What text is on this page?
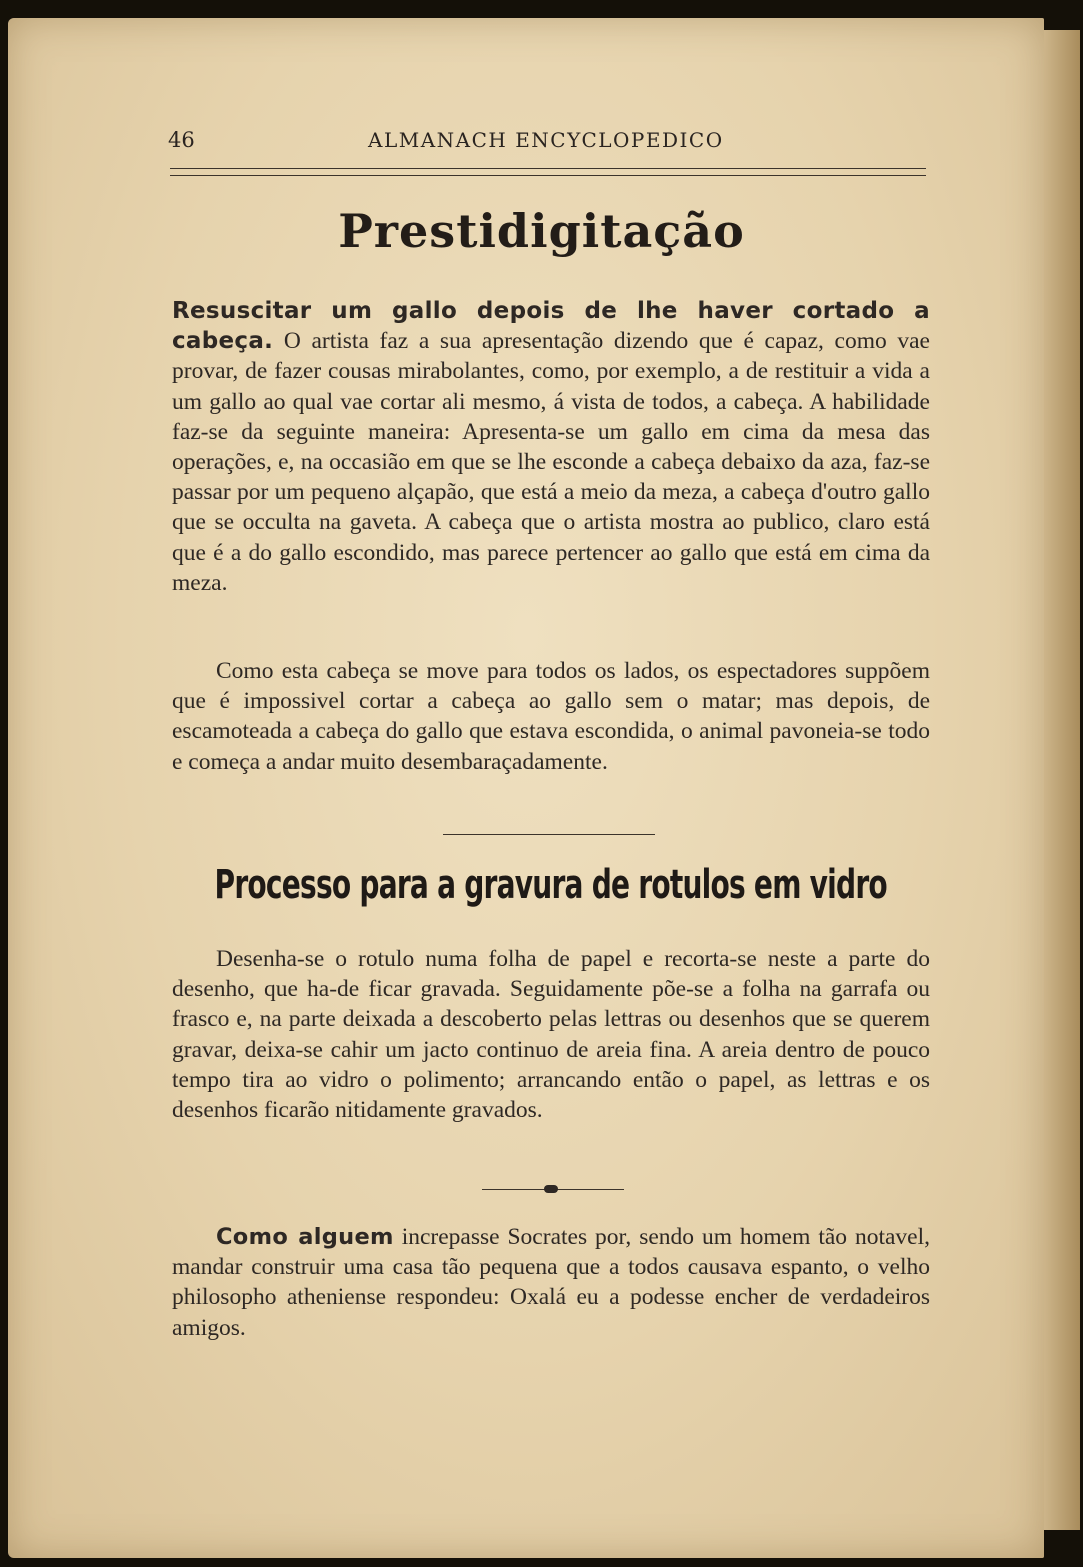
46	ALMANACH ENCYCLOPEDICO
Prestidigitação

Resuscitar um gallo depois de lhe haver cortado a cabeça. O artista faz a sua apresentação dizendo que é capaz, como vae provar, de fazer cousas mirabolantes, como, por exemplo, a de restituir a vida a um gallo ao qual vae cortar ali mesmo, á vista de todos, a cabeça. A habilidade faz-se da seguinte maneira: Apresenta-se um gallo em cima da mesa das operações, e, na occasião em que se lhe esconde a cabeça debaixo da aza, faz-se passar por um pequeno alçapão, que está a meio da meza, a cabeça d'outro gallo que se occulta na gaveta. A cabeça que o artista mostra ao publico, claro está que é a do gallo escondido, mas parece pertencer ao gallo que está em cima da meza.

Como esta cabeça se move para todos os lados, os espectadores suppõem que é impossivel cortar a cabeça ao gallo sem o matar; mas depois, de escamoteada a cabeça do gallo que estava escondida, o animal pavoneia-se todo e começa a andar muito desembaraçadamente.

Processo para a gravura de rotulos em vidro

Desenha-se o rotulo numa folha de papel e recorta-se neste a parte do desenho, que ha-de ficar gravada. Seguidamente põe-se a folha na garrafa ou frasco e, na parte deixada a descoberto pelas lettras ou desenhos que se querem gravar, deixa-se cahir um jacto continuo de areia fina. A areia dentro de pouco tempo tira ao vidro o polimento; arrancando então o papel, as lettras e os desenhos ficarão nitidamente gravados.

Como alguem increpasse Socrates por, sendo um homem tão notavel, mandar construir uma casa tão pequena que a todos causava espanto, o velho philosopho atheniense respondeu: Oxalá eu a podesse encher de verdadeiros amigos.
